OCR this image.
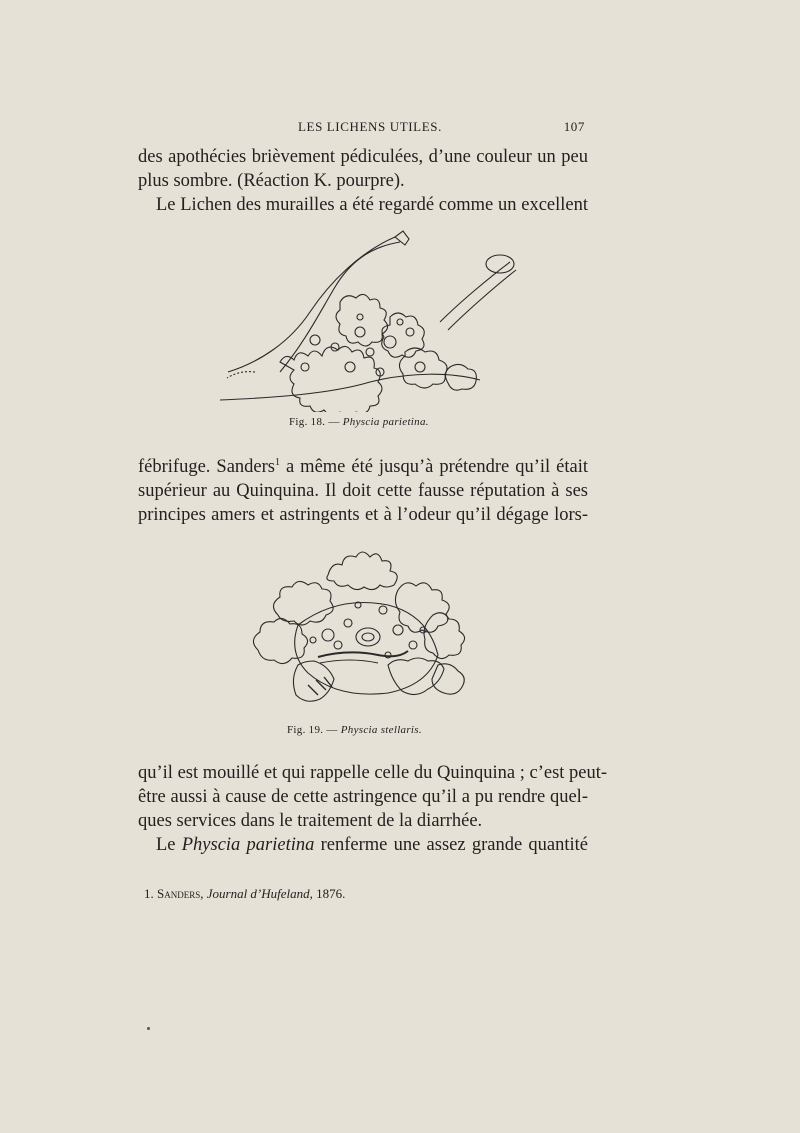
LES LICHENS UTILES.	107
des apothécies brièvement pédiculées, d’une couleur un peu
plus sombre. (Réaction K. pourpre).
Le Lichen des murailles a été regardé comme un excellent
Fig. 18. — Physcia parietina.
fébrifuge. Sanders$^1$ a même été jusqu’à prétendre qu’il était
supérieur au Quinquina. Il doit cette fausse réputation à ses
principes amers et astringents et à l’odeur qu’il dégage lors-
Fig. 19. — Physcia stellaris.
qu’il est mouillé et qui rappelle celle du Quinquina ; c’est peut-
être aussi à cause de cette astringence qu’il a pu rendre quel-
ques services dans le traitement de la diarrhée.
Le Physcia parietina renferme une assez grande quantité
1. Sanders, Journal d’Hufeland, 1876.
